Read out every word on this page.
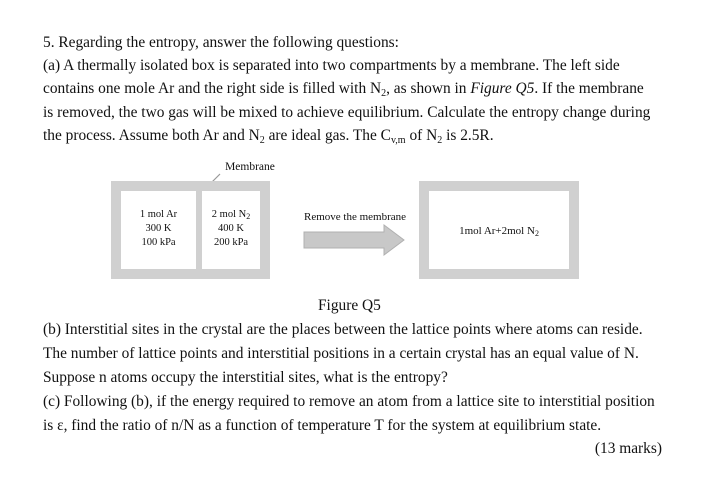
5. Regarding the entropy, answer the following questions:
(a) A thermally isolated box is separated into two compartments by a membrane. The left side
contains one mole Ar and the right side is filled with $N_2$, as shown in Figure Q5. If the membrane
is removed, the two gas will be mixed to achieve equilibrium. Calculate the entropy change during
the process. Assume both Ar and $N_2$ are ideal gas. The $C_{v,m}$ of $N_2$ is 2.5R.
Membrane
1 mol Ar
300 K
100 kPa
2 mol $N_2$
400 K
200 kPa
Remove the membrane
1mol Ar+2mol $N_2$
Figure Q5
(b) Interstitial sites in the crystal are the places between the lattice points where atoms can reside.
The number of lattice points and interstitial positions in a certain crystal has an equal value of N.
Suppose n atoms occupy the interstitial sites, what is the entropy?
(c) Following (b), if the energy required to remove an atom from a lattice site to interstitial position
is ε, find the ratio of n/N as a function of temperature T for the system at equilibrium state.
(13 marks)
